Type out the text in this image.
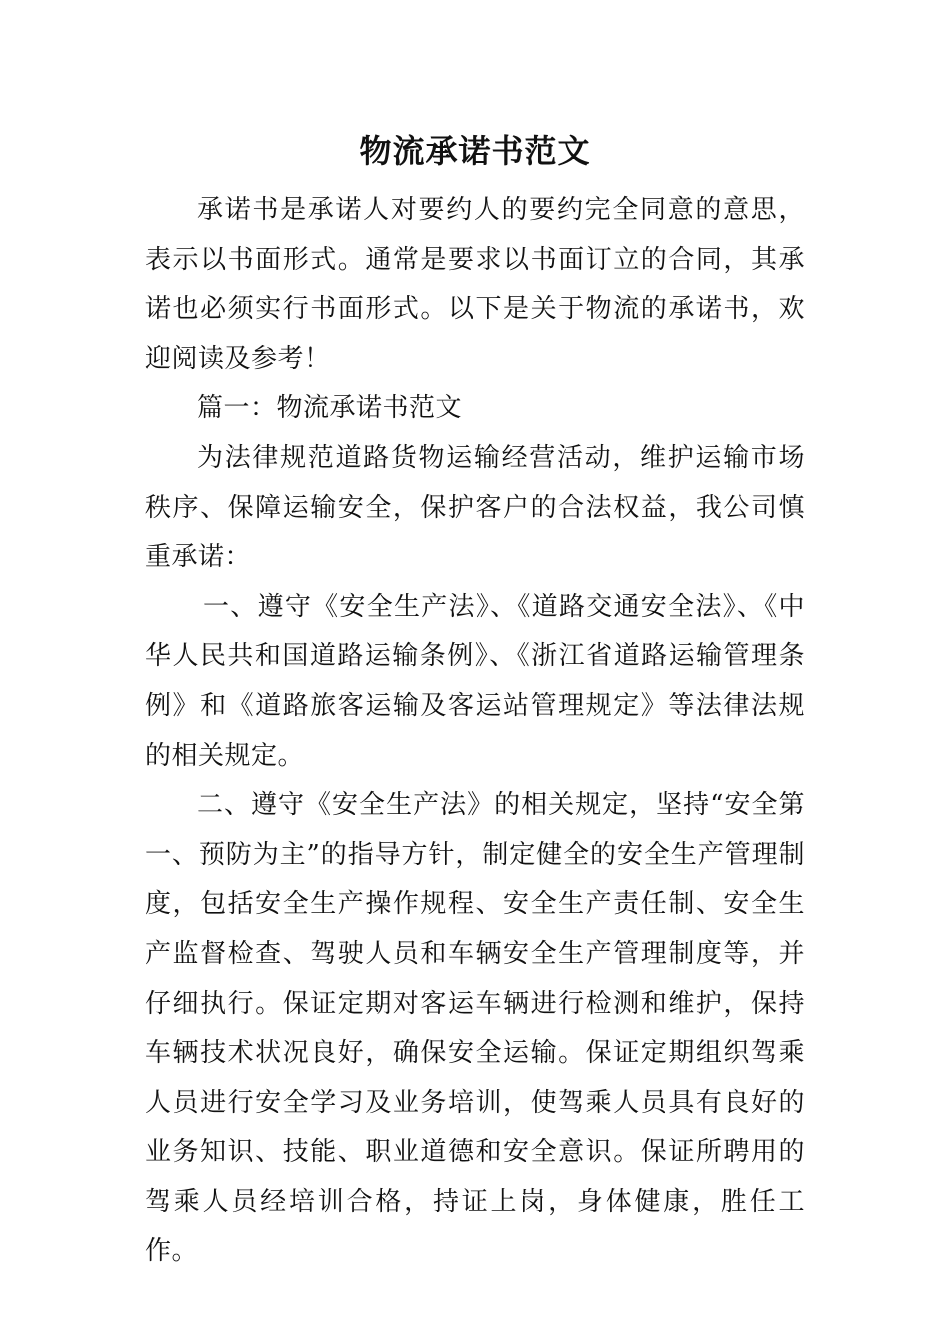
物流承诺书范文

承诺书是承诺人对要约人的要约完全同意的意思，表示以书面形式。通常是要求以书面订立的合同，其承诺也必须实行书面形式。以下是关于物流的承诺书，欢迎阅读及参考！

篇一：物流承诺书范文

为法律规范道路货物运输经营活动，维护运输市场秩序、保障运输安全，保护客户的合法权益，我公司慎重承诺：

一、遵守《安全生产法》、《道路交通安全法》、《中华人民共和国道路运输条例》、《浙江省道路运输管理条例》和《道路旅客运输及客运站管理规定》等法律法规的相关规定。

二、遵守《安全生产法》的相关规定，坚持“安全第一、预防为主”的指导方针，制定健全的安全生产管理制度，包括安全生产操作规程、安全生产责任制、安全生产监督检查、驾驶人员和车辆安全生产管理制度等，并仔细执行。保证定期对客运车辆进行检测和维护，保持车辆技术状况良好，确保安全运输。保证定期组织驾乘人员进行安全学习及业务培训，使驾乘人员具有良好的业务知识、技能、职业道德和安全意识。保证所聘用的驾乘人员经培训合格，持证上岗，身体健康，胜任工作。
